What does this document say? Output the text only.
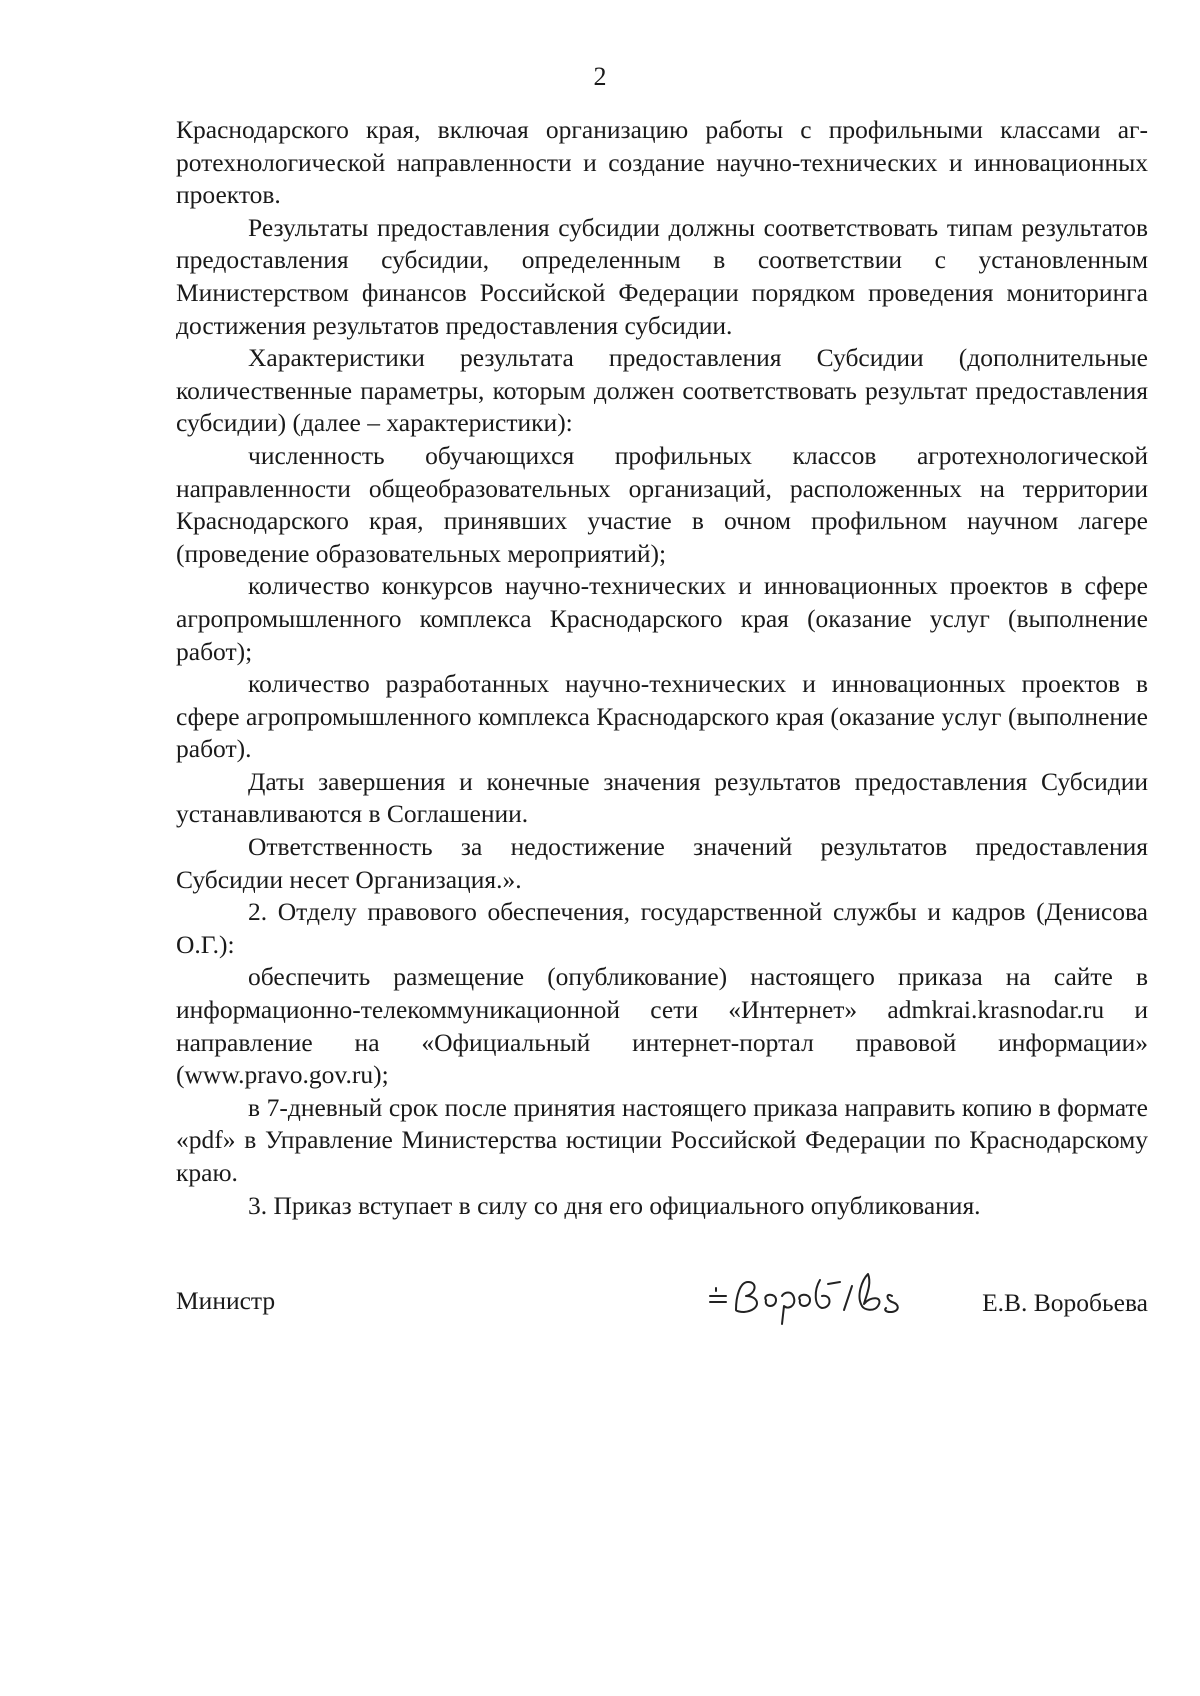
2

Краснодарского края, включая организацию работы с профильными классами агротехнологической направленности и создание научно-технических и инновационных проектов.

Результаты предоставления субсидии должны соответствовать типам результатов предоставления субсидии, определенным в соответствии с установленным Министерством финансов Российской Федерации порядком проведения мониторинга достижения результатов предоставления субсидии.

Характеристики результата предоставления Субсидии (дополнительные количественные параметры, которым должен соответствовать результат предоставления субсидии) (далее – характеристики):

численность обучающихся профильных классов агротехнологической направленности общеобразовательных организаций, расположенных на территории Краснодарского края, принявших участие в очном профильном научном лагере (проведение образовательных мероприятий);

количество конкурсов научно-технических и инновационных проектов в сфере агропромышленного комплекса Краснодарского края (оказание услуг (выполнение работ);

количество разработанных научно-технических и инновационных проектов в сфере агропромышленного комплекса Краснодарского края (оказание услуг (выполнение работ).

Даты завершения и конечные значения результатов предоставления Субсидии устанавливаются в Соглашении.

Ответственность за недостижение значений результатов предоставления Субсидии несет Организация.».

2. Отделу правового обеспечения, государственной службы и кадров (Денисова О.Г.):

обеспечить размещение (опубликование) настоящего приказа на сайте в информационно-телекоммуникационной сети «Интернет» admkrai.krasnodar.ru и направление на «Официальный интернет-портал правовой информации» (www.pravo.gov.ru);

в 7-дневный срок после принятия настоящего приказа направить копию в формате «pdf» в Управление Министерства юстиции Российской Федерации по Краснодарскому краю.

3. Приказ вступает в силу со дня его официального опубликования.

Министр	Е.В. Воробьева
